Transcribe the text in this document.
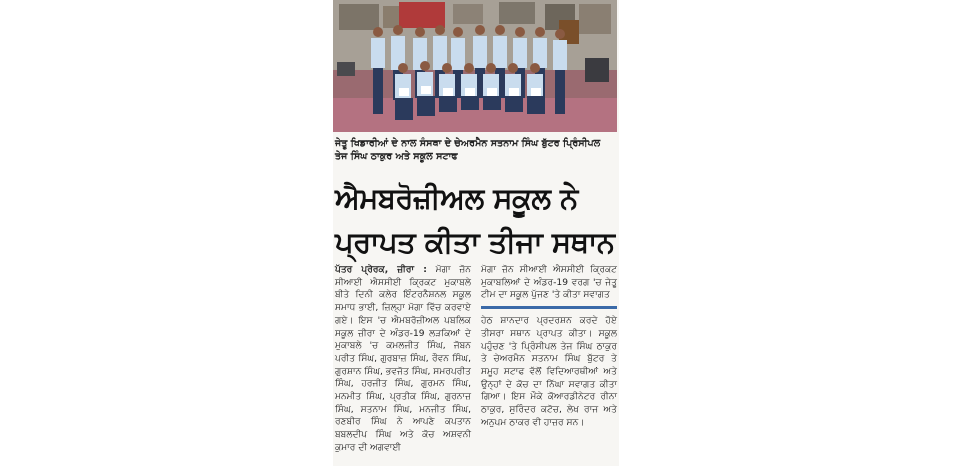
ਜੇਤੂ ਖਿਡਾਰੀਆਂ ਦੇ ਨਾਲ ਸੰਸਥਾ ਦੇ ਚੇਅਰਮੈਨ ਸਤਨਾਮ ਸਿੰਘ ਬੁੱਟਰ ਪ੍ਰਿੰਸੀਪਲ ਤੇਜ ਸਿੰਘ ਠਾਕੁਰ ਅਤੇ ਸਕੂਲ ਸਟਾਫ
ਐਮਬਰੋਜ਼ੀਅਲ ਸਕੂਲ ਨੇ ਪ੍ਰਾਪਤ ਕੀਤਾ ਤੀਜਾ ਸਥਾਨ
ਪੱਤਰ ਪ੍ਰੇਰਕ, ਜ਼ੀਰਾ : ਮੋਗਾ ਜ਼ੋਨ ਸੀਆਈ ਐਸਸੀਈ ਕ੍ਰਿਕਟ ਮੁਕਾਬਲੇ ਬੀਤੇ ਦਿਨੀ ਕਲੇਰ ਇੰਟਰਨੈਸ਼ਨਲ ਸਕੂਲ ਸਮਾਧ ਭਾਈ, ਜ਼ਿਲ੍ਹਾ ਮੋਗਾ ਵਿੱਚ ਕਰਵਾਏ ਗਏ। ਇਸ 'ਚ ਐਮਬਰੋਜ਼ੀਅਲ ਪਬਲਿਕ ਸਕੂਲ ਜ਼ੀਰਾ ਦੇ ਅੰਡਰ-19 ਲੜਕਿਆਂ ਦੇ ਮੁਕਾਬਲੇ 'ਚ ਕਮਲਜੀਤ ਸਿੰਘ, ਜੋਬਨ ਪਰੀਤ ਸਿੰਘ, ਗੁਰਬਾਜ਼ ਸਿੰਘ, ਰੌਵਨ ਸਿੰਘ, ਗੁਰਸ਼ਾਨ ਸਿੰਘ, ਭਵਜੋਤ ਸਿੰਘ, ਸਮਰਪਰੀਤ ਸਿੰਘ, ਹਰਜੀਤ ਸਿੰਘ, ਗੁਰਮਨ ਸਿੰਘ, ਮਨਮੀਤ ਸਿੰਘ, ਪ੍ਰਤੀਕ ਸਿੰਘ, ਗੁਰਨਾਜ਼ ਸਿੰਘ, ਸਤਨਾਮ ਸਿੰਘ, ਮਨਜੀਤ ਸਿੰਘ, ਰਣਬੀਰ ਸਿੰਘ ਨੇ ਆਪਣੇ ਕਪਤਾਨ ਬਬਲਦੀਪ ਸਿੰਘ ਅਤੇ ਕੋਚ ਅਸ਼ਵਨੀ ਕੁਮਾਰ ਦੀ ਅਗਵਾਈ
ਮੋਗਾ ਜ਼ੋਨ ਸੀਆਈ ਐਸਸੀਈ ਕ੍ਰਿਕਟ ਮੁਕਾਬਲਿਆਂ ਦੇ ਅੰਡਰ-19 ਵਰਗ 'ਚ ਜੇਤੂ ਟੀਮ ਦਾ ਸਕੂਲ ਪੁੱਜਣ 'ਤੇ ਕੀਤਾ ਸਵਾਗਤ
ਹੇਠ ਸ਼ਾਨਦਾਰ ਪ੍ਰਦਰਸ਼ਨ ਕਰਦੇ ਹੋਏ ਤੀਸਰਾ ਸਥਾਨ ਪ੍ਰਾਪਤ ਕੀਤਾ। ਸਕੂਲ ਪਹੁੰਚਣ 'ਤੇ ਪ੍ਰਿੰਸੀਪਲ ਤੇਜ ਸਿੰਘ ਠਾਕੁਰ ਤੇ ਚੇਅਰਮੈਨ ਸਤਨਾਮ ਸਿੰਘ ਬੁੱਟਰ ਤੇ ਸਮੂਹ ਸਟਾਫ ਵੱਲੋਂ ਵਿਦਿਆਰਥੀਆਂ ਅਤੇ ਉਨ੍ਹਾਂ ਦੇ ਕੋਚ ਦਾ ਨਿੱਘਾ ਸਵਾਗਤ ਕੀਤਾ ਗਿਆ। ਇਸ ਮੌਕੇ ਕੋਆਰਡੀਨੇਟਰ ਰੀਨਾ ਠਾਕੁਰ, ਸੁਰਿੰਦਰ ਕਟੋਚ, ਲੇਖ ਰਾਜ ਅਤੇ ਅਨੁਪਮ ਠਾਕਰ ਵੀ ਹਾਜ਼ਰ ਸਨ।
